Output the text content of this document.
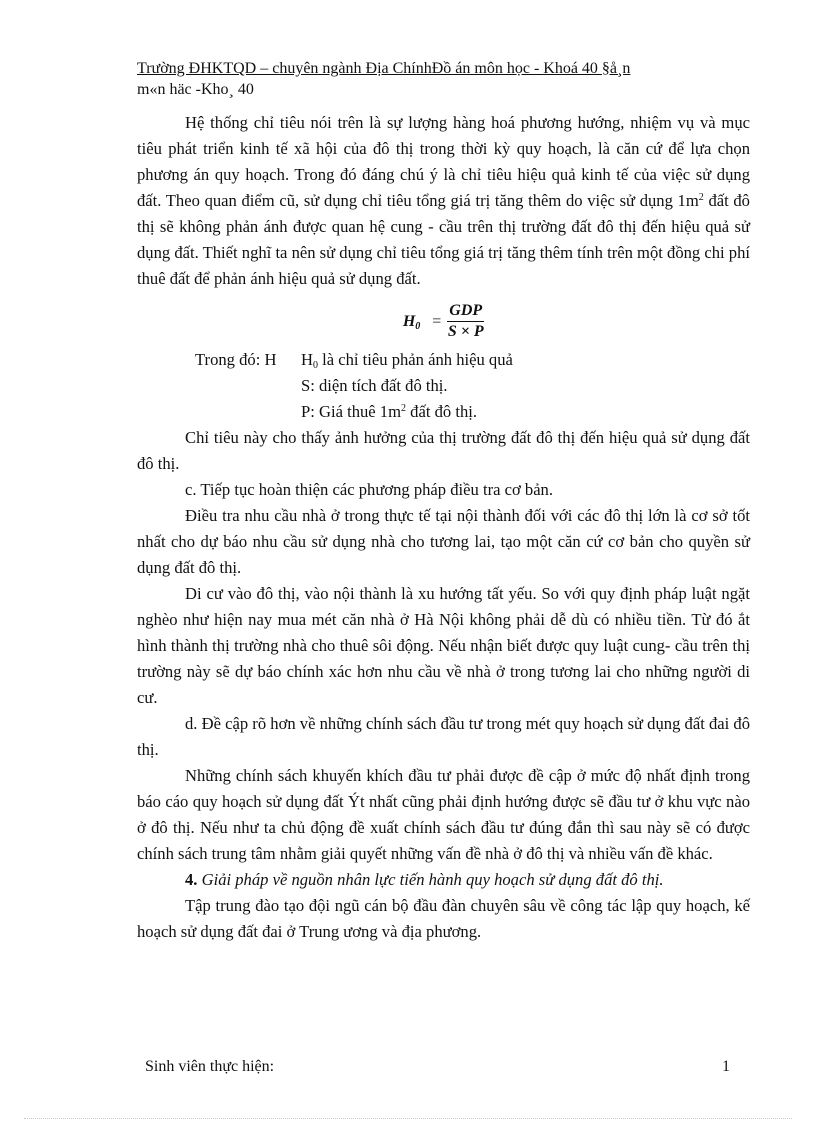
Trường ĐHKTQD – chuyên ngành Địa ChínhĐồ án môn học - Khoá 40 §å¸n
m«n häc -Kho¸ 40

Hệ thống chỉ tiêu nói trên là sự lượng hàng hoá phương hướng, nhiệm vụ và mục tiêu phát triển kinh tế xã hội của đô thị trong thời kỳ quy hoạch, là căn cứ để lựa chọn phương án quy hoạch. Trong đó đáng chú ý là chỉ tiêu hiệu quả kinh tế của việc sử dụng đất. Theo quan điểm cũ, sử dụng chỉ tiêu tổng giá trị tăng thêm do việc sử dụng $1m^2$ đất đô thị sẽ không phản ánh được quan hệ cung - cầu trên thị trường đất đô thị đến hiệu quả sử dụng đất. Thiết nghĩ ta nên sử dụng chỉ tiêu tổng giá trị tăng thêm tính trên một đồng chi phí thuê đất để phản ánh hiệu quả sử dụng đất.

$H_0 = \frac{\text{GDP}}{S \times P}$
Trong đó: H	$H_0$ là chỉ tiêu phản ánh hiệu quả
S: diện tích đất đô thị.
P: Giá thuê $1m^2$ đất đô thị.

Chỉ tiêu này cho thấy ảnh hưởng của thị trường đất đô thị đến hiệu quả sử dụng đất đô thị.

c. Tiếp tục hoàn thiện các phương pháp điều tra cơ bản.

Điều tra nhu cầu nhà ở trong thực tế tại nội thành đối với các đô thị lớn là cơ sở tốt nhất cho dự báo nhu cầu sử dụng nhà cho tương lai, tạo một căn cứ cơ bản cho quyền sử dụng đất đô thị.

Di cư vào đô thị, vào nội thành là xu hướng tất yếu. So với quy định pháp luật ngặt nghèo như hiện nay mua mét căn nhà ở Hà Nội không phải dễ dù có nhiều tiền. Từ đó ắt hình thành thị trường nhà cho thuê sôi động. Nếu nhận biết được quy luật cung- cầu trên thị trường này sẽ dự báo chính xác hơn nhu cầu về nhà ở trong tương lai cho những người di cư.

d. Đề cập rõ hơn về những chính sách đầu tư trong mét quy hoạch sử dụng đất đai đô thị.

Những chính sách khuyến khích đầu tư phải được đề cập ở mức độ nhất định trong báo cáo quy hoạch sử dụng đất Ýt nhất cũng phải định hướng được sẽ đầu tư ở khu vực nào ở đô thị. Nếu như ta chủ động đề xuất chính sách đầu tư đúng đắn thì sau này sẽ có được chính sách trung tâm nhằm giải quyết những vấn đề nhà ở đô thị và nhiều vấn đề khác.

4. Giải pháp về nguồn nhân lực tiến hành quy hoạch sử dụng đất đô thị.

Tập trung đào tạo đội ngũ cán bộ đầu đàn chuyên sâu về công tác lập quy hoạch, kế hoạch sử dụng đất đai ở Trung ương và địa phương.

Sinh viên thực hiện:	1
